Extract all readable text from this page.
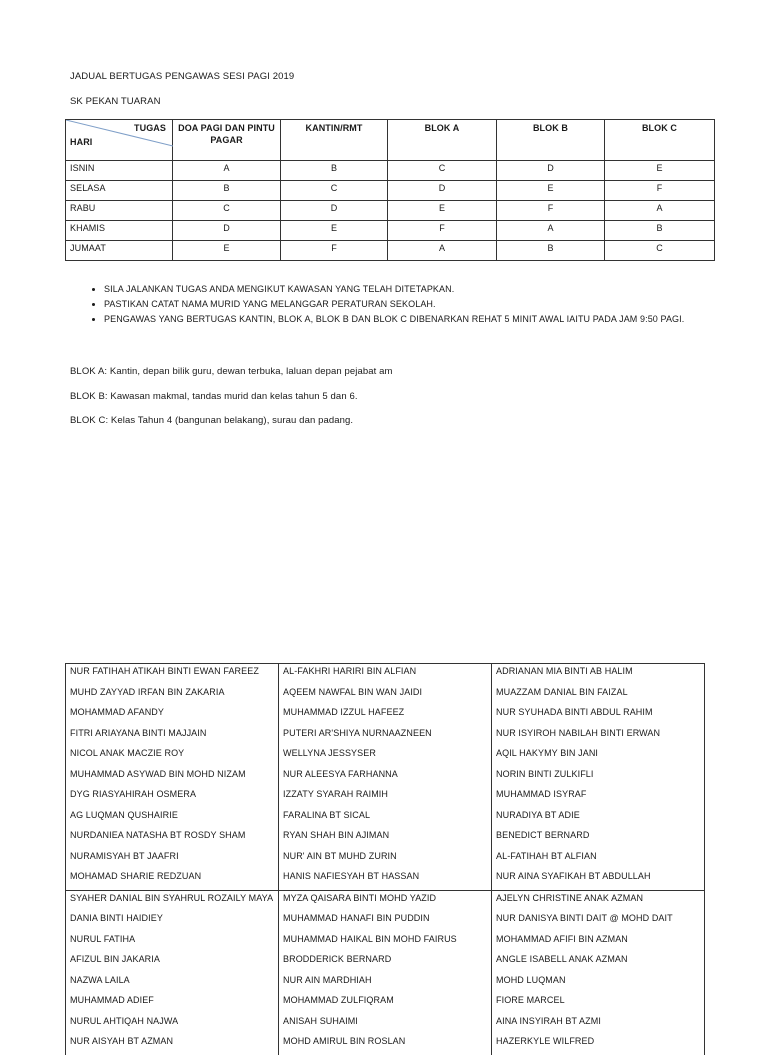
JADUAL BERTUGAS PENGAWAS SESI PAGI 2019

SK PEKAN TUARAN

TUGAS
HARI	DOA PAGI DAN PINTU PAGAR	KANTIN/RMT	BLOK A	BLOK B	BLOK C
ISNIN	A	B	C	D	E
SELASA	B	C	D	E	F
RABU	C	D	E	F	A
KHAMIS	D	E	F	A	B
JUMAAT	E	F	A	B	C
• SILA JALANKAN TUGAS ANDA MENGIKUT KAWASAN YANG TELAH DITETAPKAN.
• PASTIKAN CATAT NAMA MURID YANG MELANGGAR PERATURAN SEKOLAH.
• PENGAWAS YANG BERTUGAS KANTIN, BLOK A, BLOK B DAN BLOK C DIBENARKAN REHAT 5 MINIT AWAL IAITU PADA JAM 9:50 PAGI.

BLOK A: Kantin, depan bilik guru, dewan terbuka, laluan depan pejabat am

BLOK B: Kawasan makmal, tandas murid dan kelas tahun 5 dan 6.

BLOK C: Kelas Tahun 4 (bangunan belakang), surau dan padang.

NUR FATIHAH ATIKAH BINTI EWAN FAREEZ	AL-FAKHRI HARIRI BIN ALFIAN	ADRIANAN MIA BINTI AB HALIM
MUHD ZAYYAD IRFAN BIN ZAKARIA	AQEEM NAWFAL BIN WAN JAIDI	MUAZZAM DANIAL BIN FAIZAL
MOHAMMAD AFANDY	MUHAMMAD IZZUL HAFEEZ	NUR SYUHADA BINTI ABDUL RAHIM
FITRI ARIAYANA BINTI MAJJAIN	PUTERI AR'SHIYA NURNAAZNEEN	NUR ISYIROH NABILAH BINTI ERWAN
NICOL ANAK MACZIE ROY	WELLYNA JESSYSER	AQIL HAKYMY BIN JANI
MUHAMMAD ASYWAD BIN MOHD NIZAM	NUR ALEESYA FARHANNA	NORIN BINTI ZULKIFLI
DYG RIASYAHIRAH OSMERA	IZZATY SYARAH RAIMIH	MUHAMMAD ISYRAF
AG LUQMAN QUSHAIRIE	FARALINA BT SICAL	NURADIYA BT ADIE
NURDANIEA NATASHA BT ROSDY SHAM	RYAN SHAH BIN AJIMAN	BENEDICT BERNARD
NURAMISYAH BT JAAFRI	NUR' AIN BT MUHD ZURIN	AL-FATIHAH BT ALFIAN
MOHAMAD SHARIE REDZUAN	HANIS NAFIESYAH BT HASSAN	NUR AINA SYAFIKAH BT ABDULLAH
SYAHER DANIAL BIN SYAHRUL ROZAILY MAYA	MYZA QAISARA BINTI MOHD YAZID	AJELYN CHRISTINE ANAK AZMAN
DANIA BINTI HAIDIEY	MUHAMMAD HANAFI BIN PUDDIN	NUR DANISYA BINTI DAIT @ MOHD DAIT
NURUL FATIHA	MUHAMMAD HAIKAL BIN MOHD FAIRUS	MOHAMMAD AFIFI BIN AZMAN
AFIZUL BIN JAKARIA	BRODDERICK BERNARD	ANGLE ISABELL ANAK AZMAN
NAZWA LAILA	NUR AIN MARDHIAH	MOHD LUQMAN
MUHAMMAD ADIEF	MOHAMMAD ZULFIQRAM	FIORE MARCEL
NURUL AHTIQAH NAJWA	ANISAH SUHAIMI	AINA INSYIRAH BT AZMI
NUR AISYAH BT AZMAN	MOHD AMIRUL BIN ROSLAN	HAZERKYLE WILFRED
